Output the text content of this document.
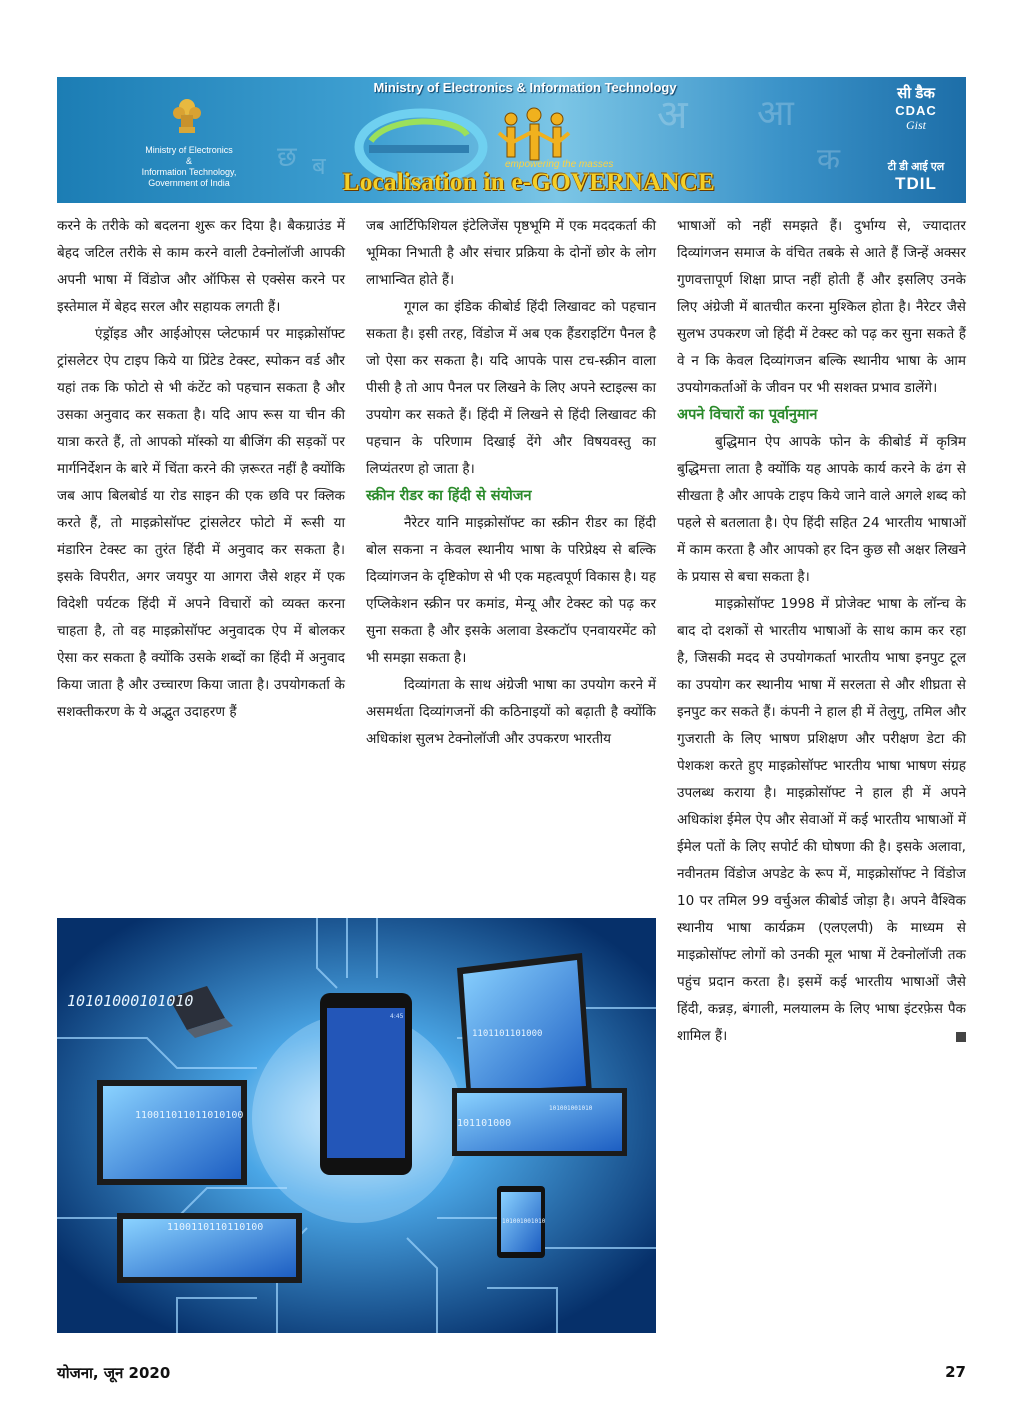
अ आ
छ ब	क
Ministry of Electronics & Information Technology
Ministry of Electronics
&
Information Technology,
Government of India
empowering the masses
Localisation in e-GOVERNANCE
सी डैक
CDAC
Gist
टी डी आई एल
TDIL

करने के तरीके को बदलना शुरू कर दिया है। बैकग्राउंड में बेहद जटिल तरीके से काम करने वाली टेक्नोलॉजी आपकी अपनी भाषा में विंडोज और ऑफिस से एक्सेस करने पर इस्तेमाल में बेहद सरल और सहायक लगती हैं।

एंड्रॉइड और आईओएस प्लेटफार्म पर माइक्रोसॉफ्ट ट्रांसलेटर ऐप टाइप किये या प्रिंटेड टेक्स्ट, स्पोकन वर्ड और यहां तक कि फोटो से भी कंटेंट को पहचान सकता है और उसका अनुवाद कर सकता है। यदि आप रूस या चीन की यात्रा करते हैं, तो आपको मॉस्को या बीजिंग की सड़कों पर मार्गनिर्देशन के बारे में चिंता करने की ज़रूरत नहीं है क्योंकि जब आप बिलबोर्ड या रोड साइन की एक छवि पर क्लिक करते हैं, तो माइक्रोसॉफ्ट ट्रांसलेटर फोटो में रूसी या मंडारिन टेक्स्ट का तुरंत हिंदी में अनुवाद कर सकता है। इसके विपरीत, अगर जयपुर या आगरा जैसे शहर में एक विदेशी पर्यटक हिंदी में अपने विचारों को व्यक्त करना चाहता है, तो वह माइक्रोसॉफ्ट अनुवादक ऐप में बोलकर ऐसा कर सकता है क्योंकि उसके शब्दों का हिंदी में अनुवाद किया जाता है और उच्चारण किया जाता है। उपयोगकर्ता के सशक्तीकरण के ये अद्भुत उदाहरण हैं

जब आर्टिफिशियल इंटेलिजेंस पृष्ठभूमि में एक मददकर्ता की भूमिका निभाती है और संचार प्रक्रिया के दोनों छोर के लोग लाभान्वित होते हैं।

गूगल का इंडिक कीबोर्ड हिंदी लिखावट को पहचान सकता है। इसी तरह, विंडोज में अब एक हैंडराइटिंग पैनल है जो ऐसा कर सकता है। यदि आपके पास टच-स्क्रीन वाला पीसी है तो आप पैनल पर लिखने के लिए अपने स्टाइल्स का उपयोग कर सकते हैं। हिंदी में लिखने से हिंदी लिखावट की पहचान के परिणाम दिखाई देंगे और विषयवस्तु का लिप्यंतरण हो जाता है।

स्क्रीन रीडर का हिंदी से संयोजन

नैरेटर यानि माइक्रोसॉफ्ट का स्क्रीन रीडर का हिंदी बोल सकना न केवल स्थानीय भाषा के परिप्रेक्ष्य से बल्कि दिव्यांगजन के दृष्टिकोण से भी एक महत्वपूर्ण विकास है। यह एप्लिकेशन स्क्रीन पर कमांड, मेन्यू और टेक्स्ट को पढ़ कर सुना सकता है और इसके अलावा डेस्कटॉप एनवायरमेंट को भी समझा सकता है।

दिव्यांगता के साथ अंग्रेजी भाषा का उपयोग करने में असमर्थता दिव्यांगजनों की कठिनाइयों को बढ़ाती है क्योंकि अधिकांश सुलभ टेक्नोलॉजी और उपकरण भारतीय

भाषाओं को नहीं समझते हैं। दुर्भाग्य से, ज्यादातर दिव्यांगजन समाज के वंचित तबके से आते हैं जिन्हें अक्सर गुणवत्तापूर्ण शिक्षा प्राप्त नहीं होती हैं और इसलिए उनके लिए अंग्रेजी में बातचीत करना मुश्किल होता है। नैरेटर जैसे सुलभ उपकरण जो हिंदी में टेक्स्ट को पढ़ कर सुना सकते हैं वे न कि केवल दिव्यांगजन बल्कि स्थानीय भाषा के आम उपयोगकर्ताओं के जीवन पर भी सशक्त प्रभाव डालेंगे।

अपने विचारों का पूर्वानुमान

बुद्धिमान ऐप आपके फोन के कीबोर्ड में कृत्रिम बुद्धिमत्ता लाता है क्योंकि यह आपके कार्य करने के ढंग से सीखता है और आपके टाइप किये जाने वाले अगले शब्द को पहले से बतलाता है। ऐप हिंदी सहित 24 भारतीय भाषाओं में काम करता है और आपको हर दिन कुछ सौ अक्षर लिखने के प्रयास से बचा सकता है।

माइक्रोसॉफ्ट 1998 में प्रोजेक्ट भाषा के लॉन्च के बाद दो दशकों से भारतीय भाषाओं के साथ काम कर रहा है, जिसकी मदद से उपयोगकर्ता भारतीय भाषा इनपुट टूल का उपयोग कर स्थानीय भाषा में सरलता से और शीघ्रता से इनपुट कर सकते हैं। कंपनी ने हाल ही में तेलुगु, तमिल और गुजराती के लिए भाषण प्रशिक्षण और परीक्षण डेटा की पेशकश करते हुए माइक्रोसॉफ्ट भारतीय भाषा भाषण संग्रह उपलब्ध कराया है। माइक्रोसॉफ्ट ने हाल ही में अपने अधिकांश ईमेल ऐप और सेवाओं में कई भारतीय भाषाओं में ईमेल पतों के लिए सपोर्ट की घोषणा की है। इसके अलावा, नवीनतम विंडोज अपडेट के रूप में, माइक्रोसॉफ्ट ने विंडोज 10 पर तमिल 99 वर्चुअल कीबोर्ड जोड़ा है। अपने वैश्विक स्थानीय भाषा कार्यक्रम (एलएलपी) के माध्यम से माइक्रोसॉफ्ट लोगों को उनकी मूल भाषा में टेक्नोलॉजी तक पहुंच प्रदान करता है। इसमें कई भारतीय भाषाओं जैसे हिंदी, कन्नड़, बंगाली, मलयालम के लिए भाषा इंटरफ़ेस पैक शामिल हैं।

4:45
10101000101010
1101101101000
110011011011010100
101001001010
101101000
1100110110110100
101001001010
योजना, जून 2020	27
